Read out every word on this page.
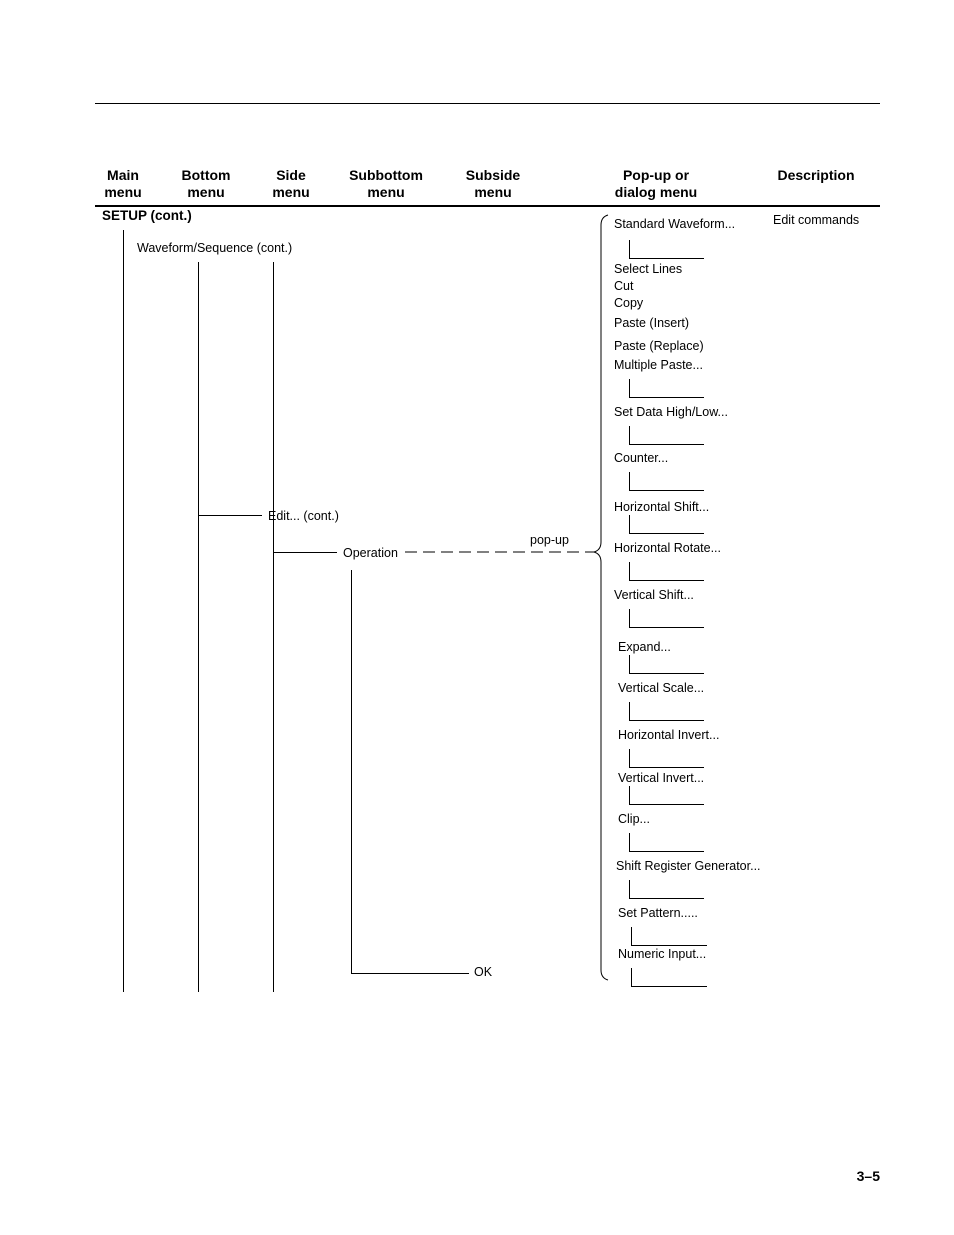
Main
menu
Bottom
menu
Side
menu
Subbottom
menu
Subside
menu
Pop-up or
dialog menu
Description
SETUP (cont.)
Waveform/Sequence (cont.)
Edit... (cont.)
Operation
pop-up
OK
Edit commands
Standard Waveform...
Select Lines
Cut
Copy
Paste (Insert)
Paste (Replace)
Multiple Paste...
Set Data High/Low...
Counter...
Horizontal Shift...
Horizontal Rotate...
Vertical Shift...
Expand...
Vertical Scale...
Horizontal Invert...
Vertical Invert...
Clip...
Shift Register Generator...
Set Pattern.....
Numeric Input...
3–5
